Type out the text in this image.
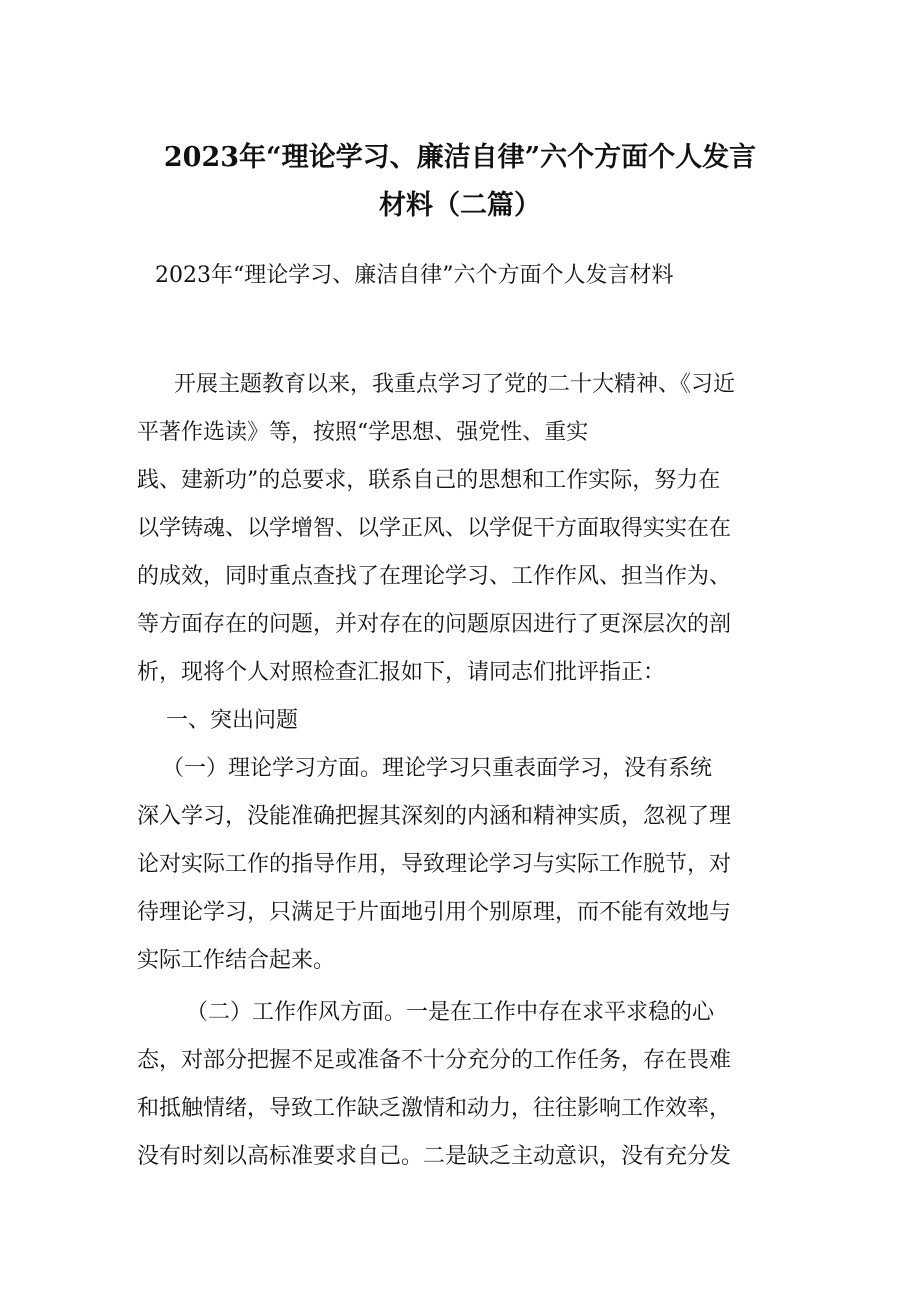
2023年“理论学习、廉洁自律”六个方面个人发言
材料（二篇）

2023年“理论学习、廉洁自律”六个方面个人发言材料

开展主题教育以来，我重点学习了党的二十大精神、《习近

平著作选读》等，按照“学思想、强党性、重实

践、建新功”的总要求，联系自己的思想和工作实际，努力在

以学铸魂、以学增智、以学正风、以学促干方面取得实实在在

的成效，同时重点查找了在理论学习、工作作风、担当作为、

等方面存在的问题，并对存在的问题原因进行了更深层次的剖

析，现将个人对照检查汇报如下，请同志们批评指正：

一、突出问题

（一）理论学习方面。理论学习只重表面学习，没有系统

深入学习，没能准确把握其深刻的内涵和精神实质，忽视了理

论对实际工作的指导作用，导致理论学习与实际工作脱节，对

待理论学习，只满足于片面地引用个别原理，而不能有效地与

实际工作结合起来。

（二）工作作风方面。一是在工作中存在求平求稳的心

态，对部分把握不足或准备不十分充分的工作任务，存在畏难

和抵触情绪，导致工作缺乏激情和动力，往往影响工作效率，

没有时刻以高标准要求自己。二是缺乏主动意识，没有充分发
